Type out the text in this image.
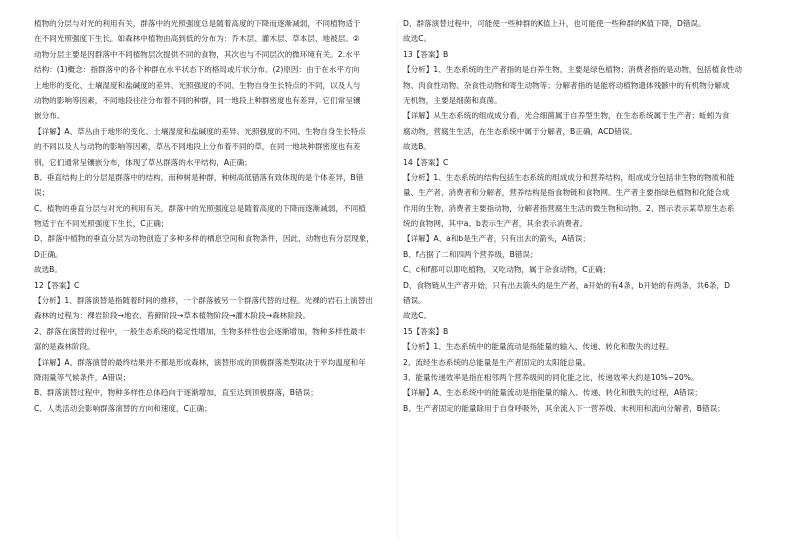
植物的分层与对光的利用有关，群落中的光照强度总是随着高度的下降而逐渐减弱，不同植物适于
在不同光照强度下生长。如森林中植物由高到低的分布为：乔木层、灌木层、草本层、地被层。②
动物分层主要是因群落中不同植物层次提供不同的食物，其次也与不同层次的微环境有关。2.水平
结构：(1)概念：指群落中的各个种群在水平状态下的格局或片状分布。(2)原因：由于在水平方向
上地形的变化、土壤湿度和盐碱度的差异、光照强度的不同、生物自身生长特点的不同，以及人与
动物的影响等因素，不同地段往往分布着不同的种群，同一地段上种群密度也有差异，它们常呈镶
嵌分布。
【详解】A、草丛由于地形的变化、土壤湿度和盐碱度的差异、光照强度的不同、生物自身生长特点
的不同以及人与动物的影响等因素，草丛不同地段上分布着不同的草，在同一地块种群密度也有差
别，它们通常呈镶嵌分布，体现了草丛群落的水平结构，A正确；
B、垂直结构上的分层是群落中的结构，而种树是种群，种树高低错落有致体现的是个体差异，B错
误；
C、植物的垂直分层与对光的利用有关，群落中的光照强度总是随着高度的下降而逐渐减弱，不同植
物适于在不同光照强度下生长，C正确；
D、群落中植物的垂直分层为动物创造了多种多样的栖息空间和食物条件，因此，动物也有分层现象，
D正确。
故选B。
12【答案】C
【分析】1、群落演替是指随着时间的推移，一个群落被另一个群落代替的过程。光裸的岩石上演替出
森林的过程为：裸岩阶段→地衣、苔藓阶段→草本植物阶段→灌木阶段→森林阶段。
2、群落在演替的过程中，一般生态系统的稳定性增加，生物多样性也会逐渐增加，物种多样性最丰
富的是森林阶段。
【详解】A、群落演替的最终结果并不都是形成森林，演替形成的顶极群落类型取决于平均温度和年
降雨量等气候条件，A错误；
B、群落演替过程中，物种多样性总体趋向于逐渐增加，直至达到顶极群落，B错误；
C、人类活动会影响群落演替的方向和速度，C正确；
D、群落演替过程中，可能使一些种群的K值上升，也可能使一些种群的K值下降，D错误。
故选C。
13【答案】B
【分析】1、生态系统的生产者指的是自养生物，主要是绿色植物；消费者指的是动物，包括植食性动
物、肉食性动物、杂食性动物和寄生动物等；分解者指的是能将动植物遗体残骸中的有机物分解成
无机物，主要是细菌和真菌。
【详解】从生态系统的组成成分看，光合细菌属于自养型生物，在生态系统属于生产者；蚯蚓为食
腐动物，营腐生生活，在生态系统中属于分解者，B正确，ACD错误。
故选B。
14【答案】C
【分析】1、生态系统的结构包括生态系统的组成成分和营养结构，组成成分包括非生物的物质和能
量、生产者、消费者和分解者，营养结构是指食物链和食物网。生产者主要指绿色植物和化能合成
作用的生物，消费者主要指动物，分解者指营腐生生活的微生物和动物。2、图示表示某草原生态系
统的食物网，其中a、b表示生产者，其余表示消费者。
【详解】A、a和b是生产者，只有出去的箭头，A错误；
B、f占据了二和四两个营养级，B错误；
C、c和f都可以即吃植物，又吃动物，属于杂食动物，C正确；
D、食物链从生产者开始，只有出去箭头的是生产者，a开始的有4条，b开始的有两条，共6条，D
错误。
故选C。
15【答案】B
【分析】1、生态系统中的能量流动是指能量的输入、传递、转化和散失的过程。
2、流经生态系统的总能量是生产者固定的太阳能总量。
3、能量传递效率是指在相邻两个营养级间的同化能之比，传递效率大约是10%~20%。
【详解】A、生态系统中的能量流动是指能量的输入、传递、转化和散失的过程，A错误；
B、生产者固定的能量除用于自身呼吸外，其余流入下一营养级、未利用和流向分解者，B错误；
